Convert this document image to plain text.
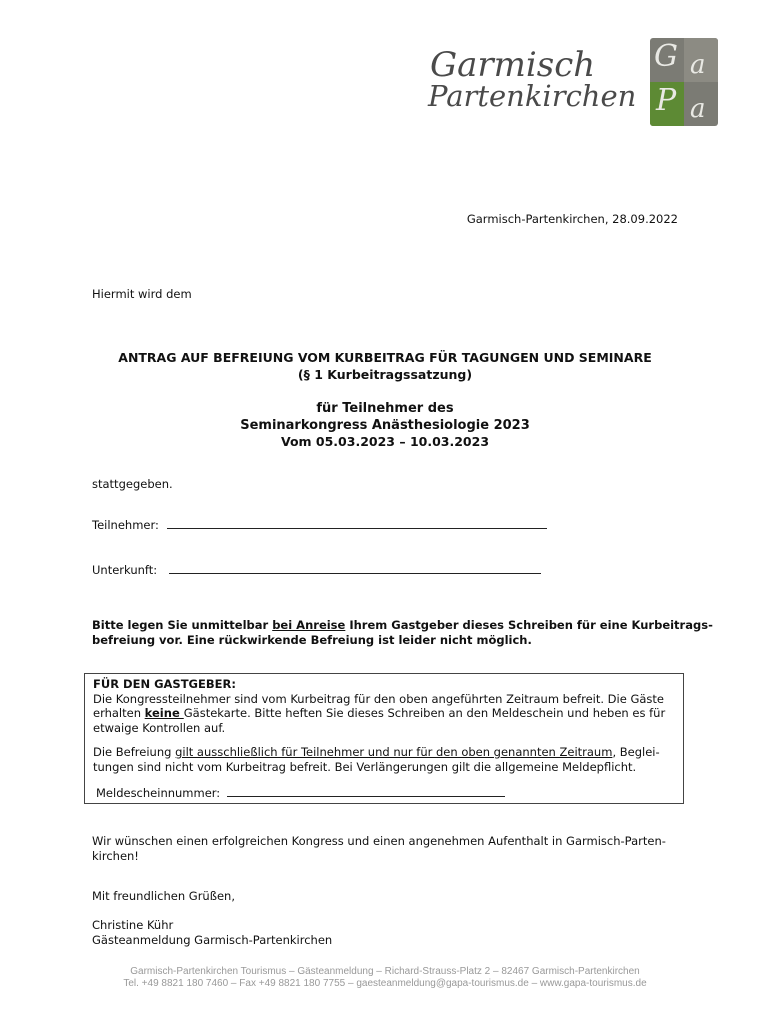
Garmisch
Partenkirchen
G a
P a
Garmisch-Partenkirchen, 28.09.2022
Hiermit wird dem
ANTRAG AUF BEFREIUNG VOM KURBEITRAG FÜR TAGUNGEN UND SEMINARE
(§ 1 Kurbeitragssatzung)
für Teilnehmer des
Seminarkongress Anästhesiologie 2023
Vom 05.03.2023 – 10.03.2023
stattgegeben.
Teilnehmer:
Unterkunft:
Bitte legen Sie unmittelbar bei Anreise Ihrem Gastgeber dieses Schreiben für eine Kurbeitrags-
befreiung vor. Eine rückwirkende Befreiung ist leider nicht möglich.
FÜR DEN GASTGEBER:
Die Kongressteilnehmer sind vom Kurbeitrag für den oben angeführten Zeitraum befreit. Die Gäste
erhalten keine Gästekarte. Bitte heften Sie dieses Schreiben an den Meldeschein und heben es für
etwaige Kontrollen auf.
Die Befreiung gilt ausschließlich für Teilnehmer und nur für den oben genannten Zeitraum, Beglei-
tungen sind nicht vom Kurbeitrag befreit. Bei Verlängerungen gilt die allgemeine Meldepflicht.
Meldescheinnummer:
Wir wünschen einen erfolgreichen Kongress und einen angenehmen Aufenthalt in Garmisch-Parten-
kirchen!
Mit freundlichen Grüßen,
Christine Kühr
Gästeanmeldung Garmisch-Partenkirchen
Garmisch-Partenkirchen Tourismus – Gästeanmeldung – Richard-Strauss-Platz 2 – 82467 Garmisch-Partenkirchen
Tel. +49 8821 180 7460 – Fax +49 8821 180 7755 – gaesteanmeldung@gapa-tourismus.de – www.gapa-tourismus.de
